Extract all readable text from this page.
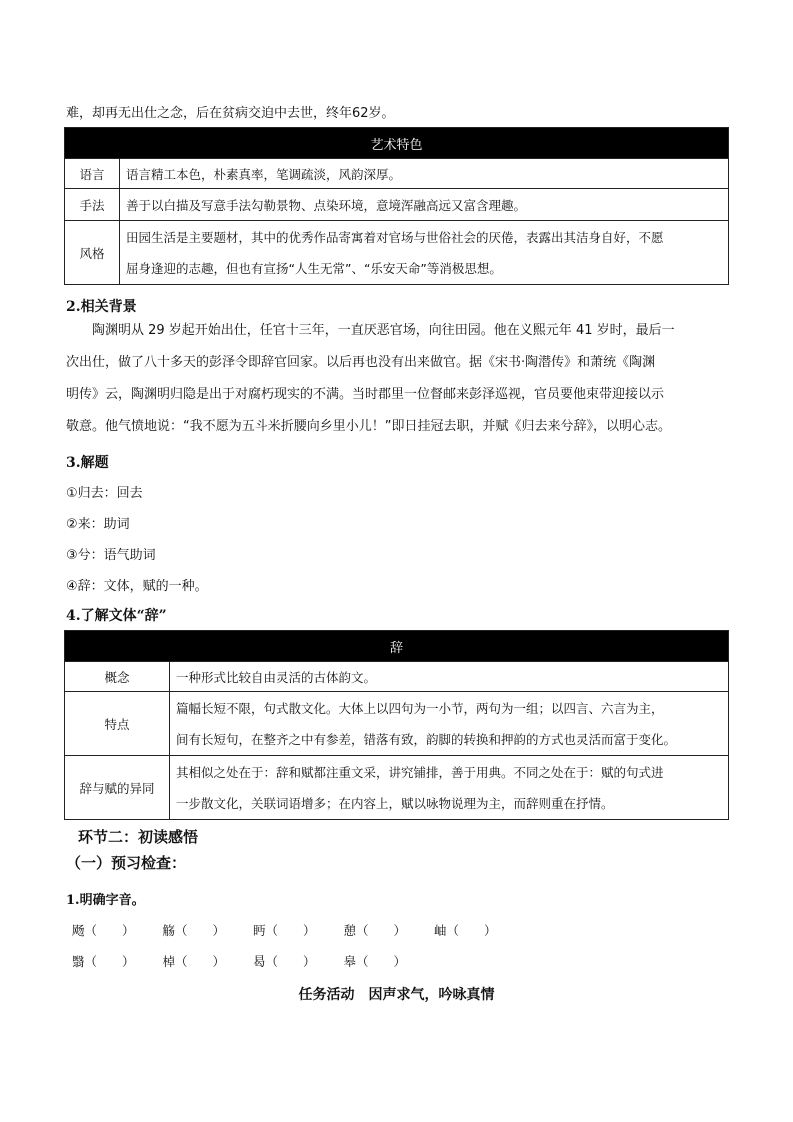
难，却再无出仕之念，后在贫病交迫中去世，终年62岁。
艺术特色	
语言	语言精工本色，朴素真率，笔调疏淡，风韵深厚。
手法	善于以白描及写意手法勾勒景物、点染环境，意境浑融高远又富含理趣。
风格	田园生活是主要题材，其中的优秀作品寄寓着对官场与世俗社会的厌倦，表露出其洁身自好，不愿
屈身逢迎的志趣，但也有宣扬“人生无常”、“乐安天命”等消极思想。
2.相关背景
陶渊明从 29 岁起开始出仕，任官十三年，一直厌恶官场，向往田园。他在义熙元年 41 岁时，最后一
次出仕，做了八十多天的彭泽令即辞官回家。以后再也没有出来做官。据《宋书·陶潜传》和萧统《陶渊
明传》云，陶渊明归隐是出于对腐朽现实的不满。当时郡里一位督邮来彭泽巡视，官员要他束带迎接以示
敬意。他气愤地说：“我不愿为五斗米折腰向乡里小儿！”即日挂冠去职，并赋《归去来兮辞》，以明心志。
3.解题
①归去：回去
②来：助词
③兮：语气助词
④辞：文体，赋的一种。
4.了解文体“辞”
辞	
概念	一种形式比较自由灵活的古体韵文。
特点	篇幅长短不限，句式散文化。大体上以四句为一小节，两句为一组；以四言、六言为主，
间有长短句，在整齐之中有参差，错落有致，韵脚的转换和押韵的方式也灵活而富于变化。

辞与赋的异同	其相似之处在于：辞和赋都注重文采，讲究铺排，善于用典。不同之处在于：赋的句式进
一步散文化，关联词语增多；在内容上，赋以咏物说理为主，而辞则重在抒情。
环节二：初读感悟
（一）预习检查：
1.明确字音。
飏（　　） 觞（　　） 眄（　　） 憩（　　） 岫（　　）
翳（　　） 棹（　　） 曷（　　） 皋（　　）
任务活动　因声求气，吟咏真情
